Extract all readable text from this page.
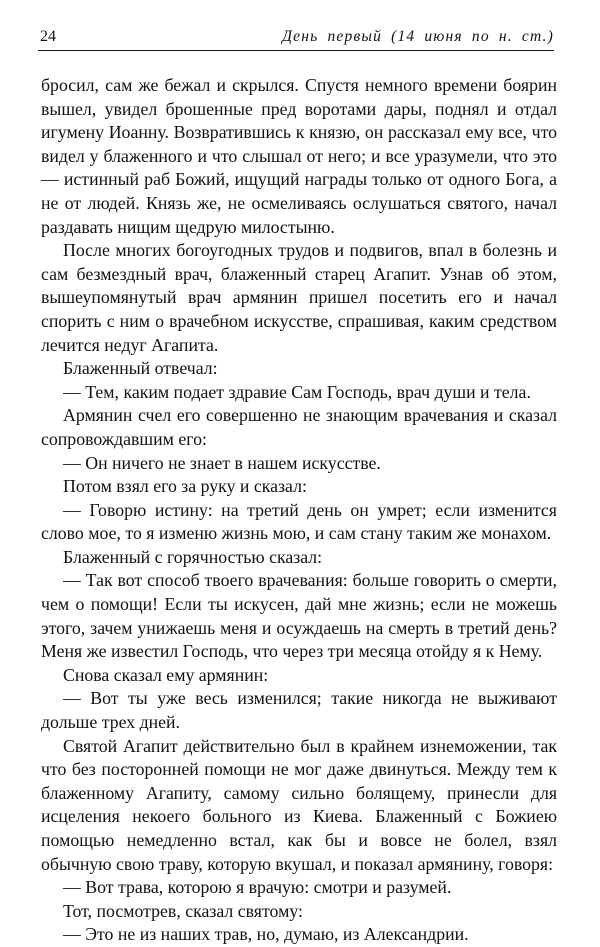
24	День первый (14 июня по н. ст.)

бросил, сам же бежал и скрылся. Спустя немного времени боярин вышел, увидел брошенные пред воротами дары, поднял и отдал игумену Иоанну. Возвратившись к князю, он рассказал ему все, что видел у блаженного и что слышал от него; и все уразумели, что это — истинный раб Божий, ищущий награды только от одного Бога, а не от людей. Князь же, не осмеливаясь ослушаться святого, начал раздавать нищим щедрую милостыню.

После многих богоугодных трудов и подвигов, впал в болезнь и сам безмездный врач, блаженный старец Агапит. Узнав об этом, вышеупомянутый врач армянин пришел посетить его и начал спорить с ним о врачебном искусстве, спрашивая, каким средством лечится недуг Агапита.

Блаженный отвечал:

— Тем, каким подает здравие Сам Господь, врач души и тела.

Армянин счел его совершенно не знающим врачевания и сказал сопровождавшим его:

— Он ничего не знает в нашем искусстве.

Потом взял его за руку и сказал:

— Говорю истину: на третий день он умрет; если изменится слово мое, то я изменю жизнь мою, и сам стану таким же монахом.

Блаженный с горячностью сказал:

— Так вот способ твоего врачевания: больше говорить о смерти, чем о помощи! Если ты искусен, дай мне жизнь; если не можешь этого, зачем унижаешь меня и осуждаешь на смерть в третий день? Меня же известил Господь, что через три месяца отойду я к Нему.

Снова сказал ему армянин:

— Вот ты уже весь изменился; такие никогда не выживают дольше трех дней.

Святой Агапит действительно был в крайнем изнеможении, так что без посторонней помощи не мог даже двинуться. Между тем к блаженному Агапиту, самому сильно болящему, принесли для исцеления некоего больного из Киева. Блаженный с Божиею помощью немедленно встал, как бы и вовсе не болел, взял обычную свою траву, которую вкушал, и показал армянину, говоря:

— Вот трава, которою я врачую: смотри и разумей.

Тот, посмотрев, сказал святому:

— Это не из наших трав, но, думаю, из Александрии.
